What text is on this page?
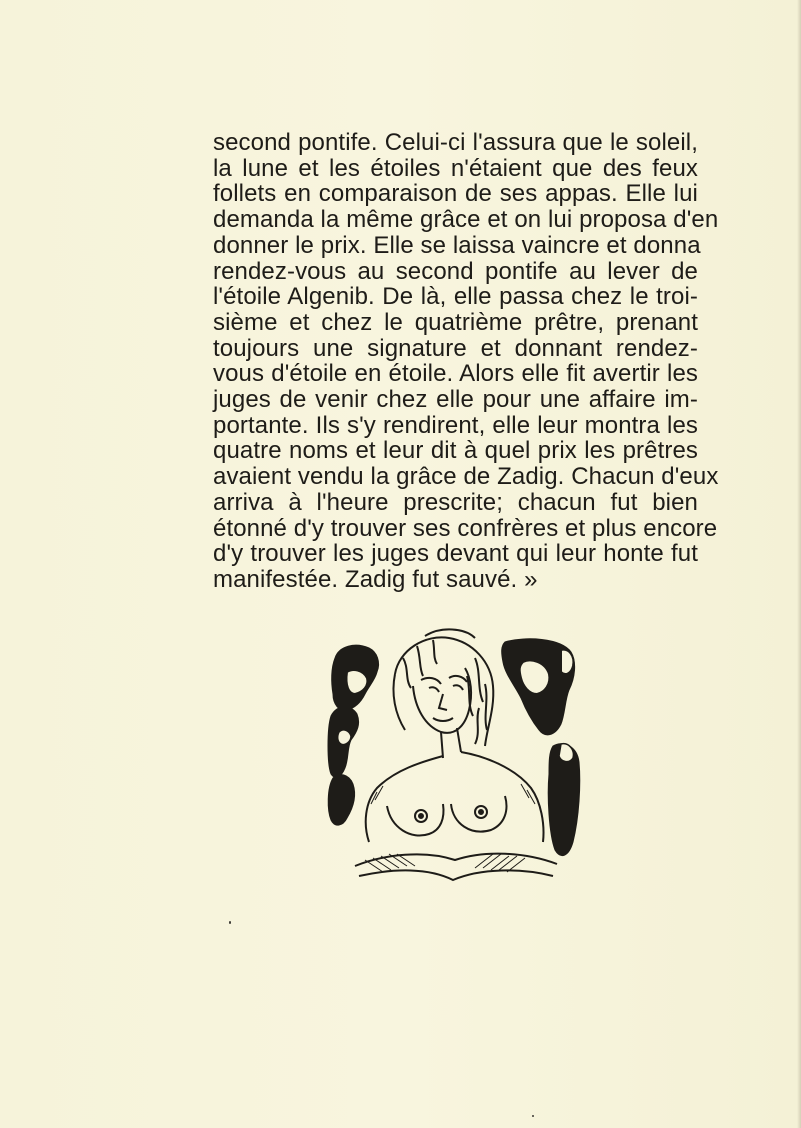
second pontife. Celui-ci l'assura que le soleil,
la lune et les étoiles n'étaient que des feux
follets en comparaison de ses appas. Elle lui
demanda la même grâce et on lui proposa d'en
donner le prix. Elle se laissa vaincre et donna
rendez-vous au second pontife au lever de
l'étoile Algenib. De là, elle passa chez le troi-
sième et chez le quatrième prêtre, prenant
toujours une signature et donnant rendez-
vous d'étoile en étoile. Alors elle fit avertir les
juges de venir chez elle pour une affaire im-
portante. Ils s'y rendirent, elle leur montra les
quatre noms et leur dit à quel prix les prêtres
avaient vendu la grâce de Zadig. Chacun d'eux
arriva à l'heure prescrite; chacun fut bien
étonné d'y trouver ses confrères et plus encore
d'y trouver les juges devant qui leur honte fut
manifestée. Zadig fut sauvé. »
